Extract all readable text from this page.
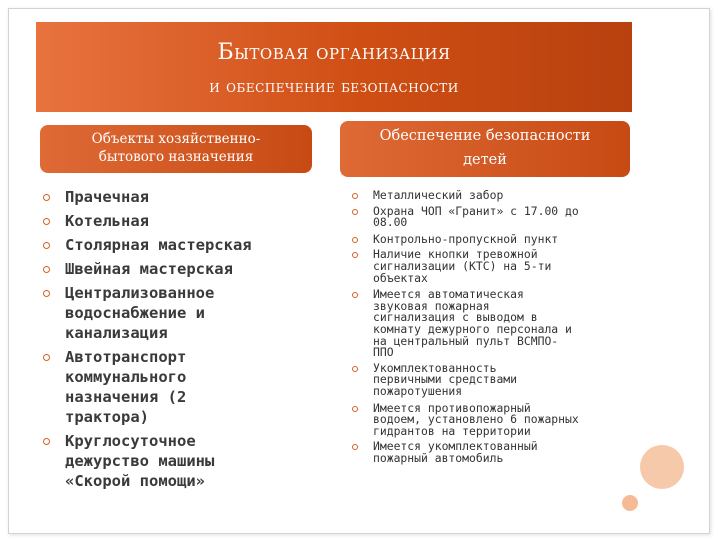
Бытовая организация
и обеспечение безопасности
Объекты хозяйственно-
бытового назначения
Обеспечение безопасности
детей
Прачечная
Котельная
Столярная мастерская
Швейная мастерская
Централизованное
водоснабжение и
канализация
Автотранспорт
коммунального
назначения (2
трактора)
Круглосуточное
дежурство машины
«Скорой помощи»
Металлический забор
Охрана ЧОП «Гранит» с 17.00 до
08.00
Контрольно-пропускной пункт
Наличие кнопки тревожной
сигнализации (КТС) на 5-ти
объектах
Имеется автоматическая
звуковая пожарная
сигнализация с выводом в
комнату дежурного персонала и
на центральный пульт ВСМПО-
ППО
Укомплектованность
первичными средствами
пожаротушения
Имеется противопожарный
водоем, установлено 6 пожарных
гидрантов на территории
Имеется укомплектованный
пожарный автомобиль
